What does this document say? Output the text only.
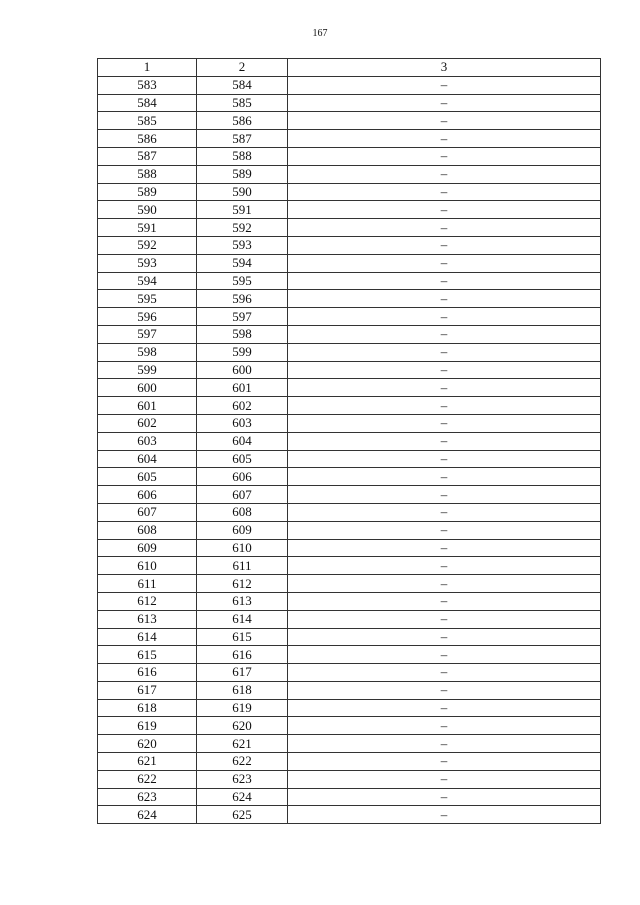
167
1	2	3
583	584	–
584	585	–
585	586	–
586	587	–
587	588	–
588	589	–
589	590	–
590	591	–
591	592	–
592	593	–
593	594	–
594	595	–
595	596	–
596	597	–
597	598	–
598	599	–
599	600	–
600	601	–
601	602	–
602	603	–
603	604	–
604	605	–
605	606	–
606	607	–
607	608	–
608	609	–
609	610	–
610	611	–
611	612	–
612	613	–
613	614	–
614	615	–
615	616	–
616	617	–
617	618	–
618	619	–
619	620	–
620	621	–
621	622	–
622	623	–
623	624	–
624	625	–
